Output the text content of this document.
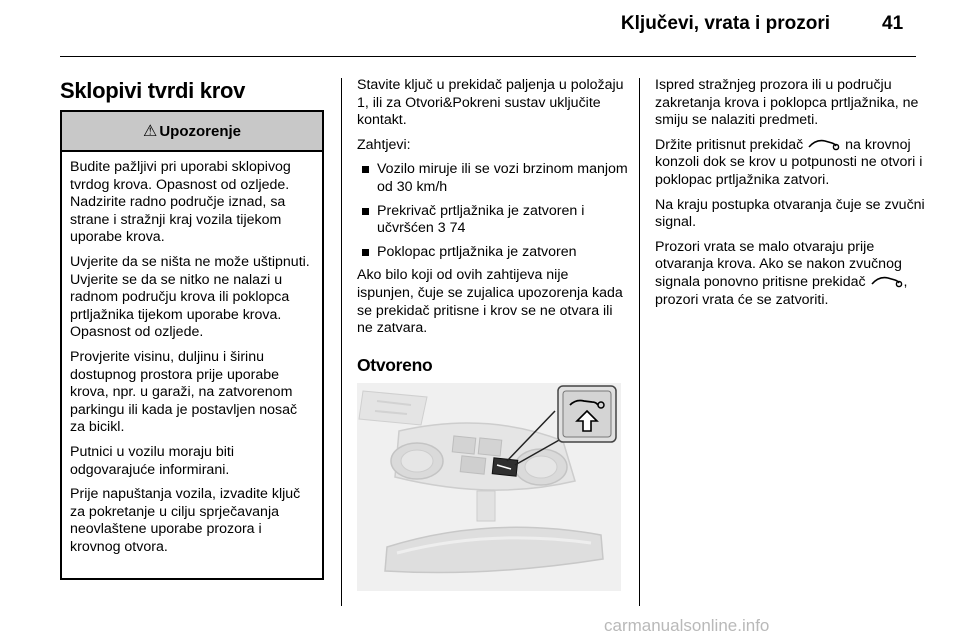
Ključevi, vrata i prozori	41
Sklopivi tvrdi krov
⚠ Upozorenje

Budite pažljivi pri uporabi sklopivog tvrdog krova. Opasnost od ozljede. Nadzirite radno područje iznad, sa strane i stražnji kraj vozila tijekom uporabe krova.

Uvjerite da se ništa ne može uštipnuti. Uvjerite se da se nitko ne nalazi u radnom području krova ili poklopca prtljažnika tijekom uporabe krova. Opasnost od ozljede.

Provjerite visinu, duljinu i širinu dostupnog prostora prije uporabe krova, npr. u garaži, na zatvorenom parkingu ili kada je postavljen nosač za bicikl.

Putnici u vozilu moraju biti odgovarajuće informirani.

Prije napuštanja vozila, izvadite ključ za pokretanje u cilju sprječavanja neovlaštene uporabe prozora i krovnog otvora.

Stavite ključ u prekidač paljenja u položaju 1, ili za Otvori&Pokreni sustav uključite kontakt.

Zahtjevi:

Vozilo miruje ili se vozi brzinom manjom od 30 km/h
Prekrivač prtljažnika je zatvoren i učvršćen 3 74
Poklopac prtljažnika je zatvoren

Ako bilo koji od ovih zahtijeva nije ispunjen, čuje se zujalica upozorenja kada se prekidač pritisne i krov se ne otvara ili ne zatvara.

Otvoreno

Ispred stražnjeg prozora ili u području zakretanja krova i poklopca prtljažnika, ne smiju se nalaziti predmeti.

Držite pritisnut prekidač	na krovnoj konzoli dok se krov u potpunosti ne otvori i poklopac prtljažnika zatvori.

Na kraju postupka otvaranja čuje se zvučni signal.

Prozori vrata se malo otvaraju prije otvaranja krova. Ako se nakon zvučnog signala ponovno pritisne prekidač	, prozori vrata će se zatvoriti.

carmanualsonline.info
